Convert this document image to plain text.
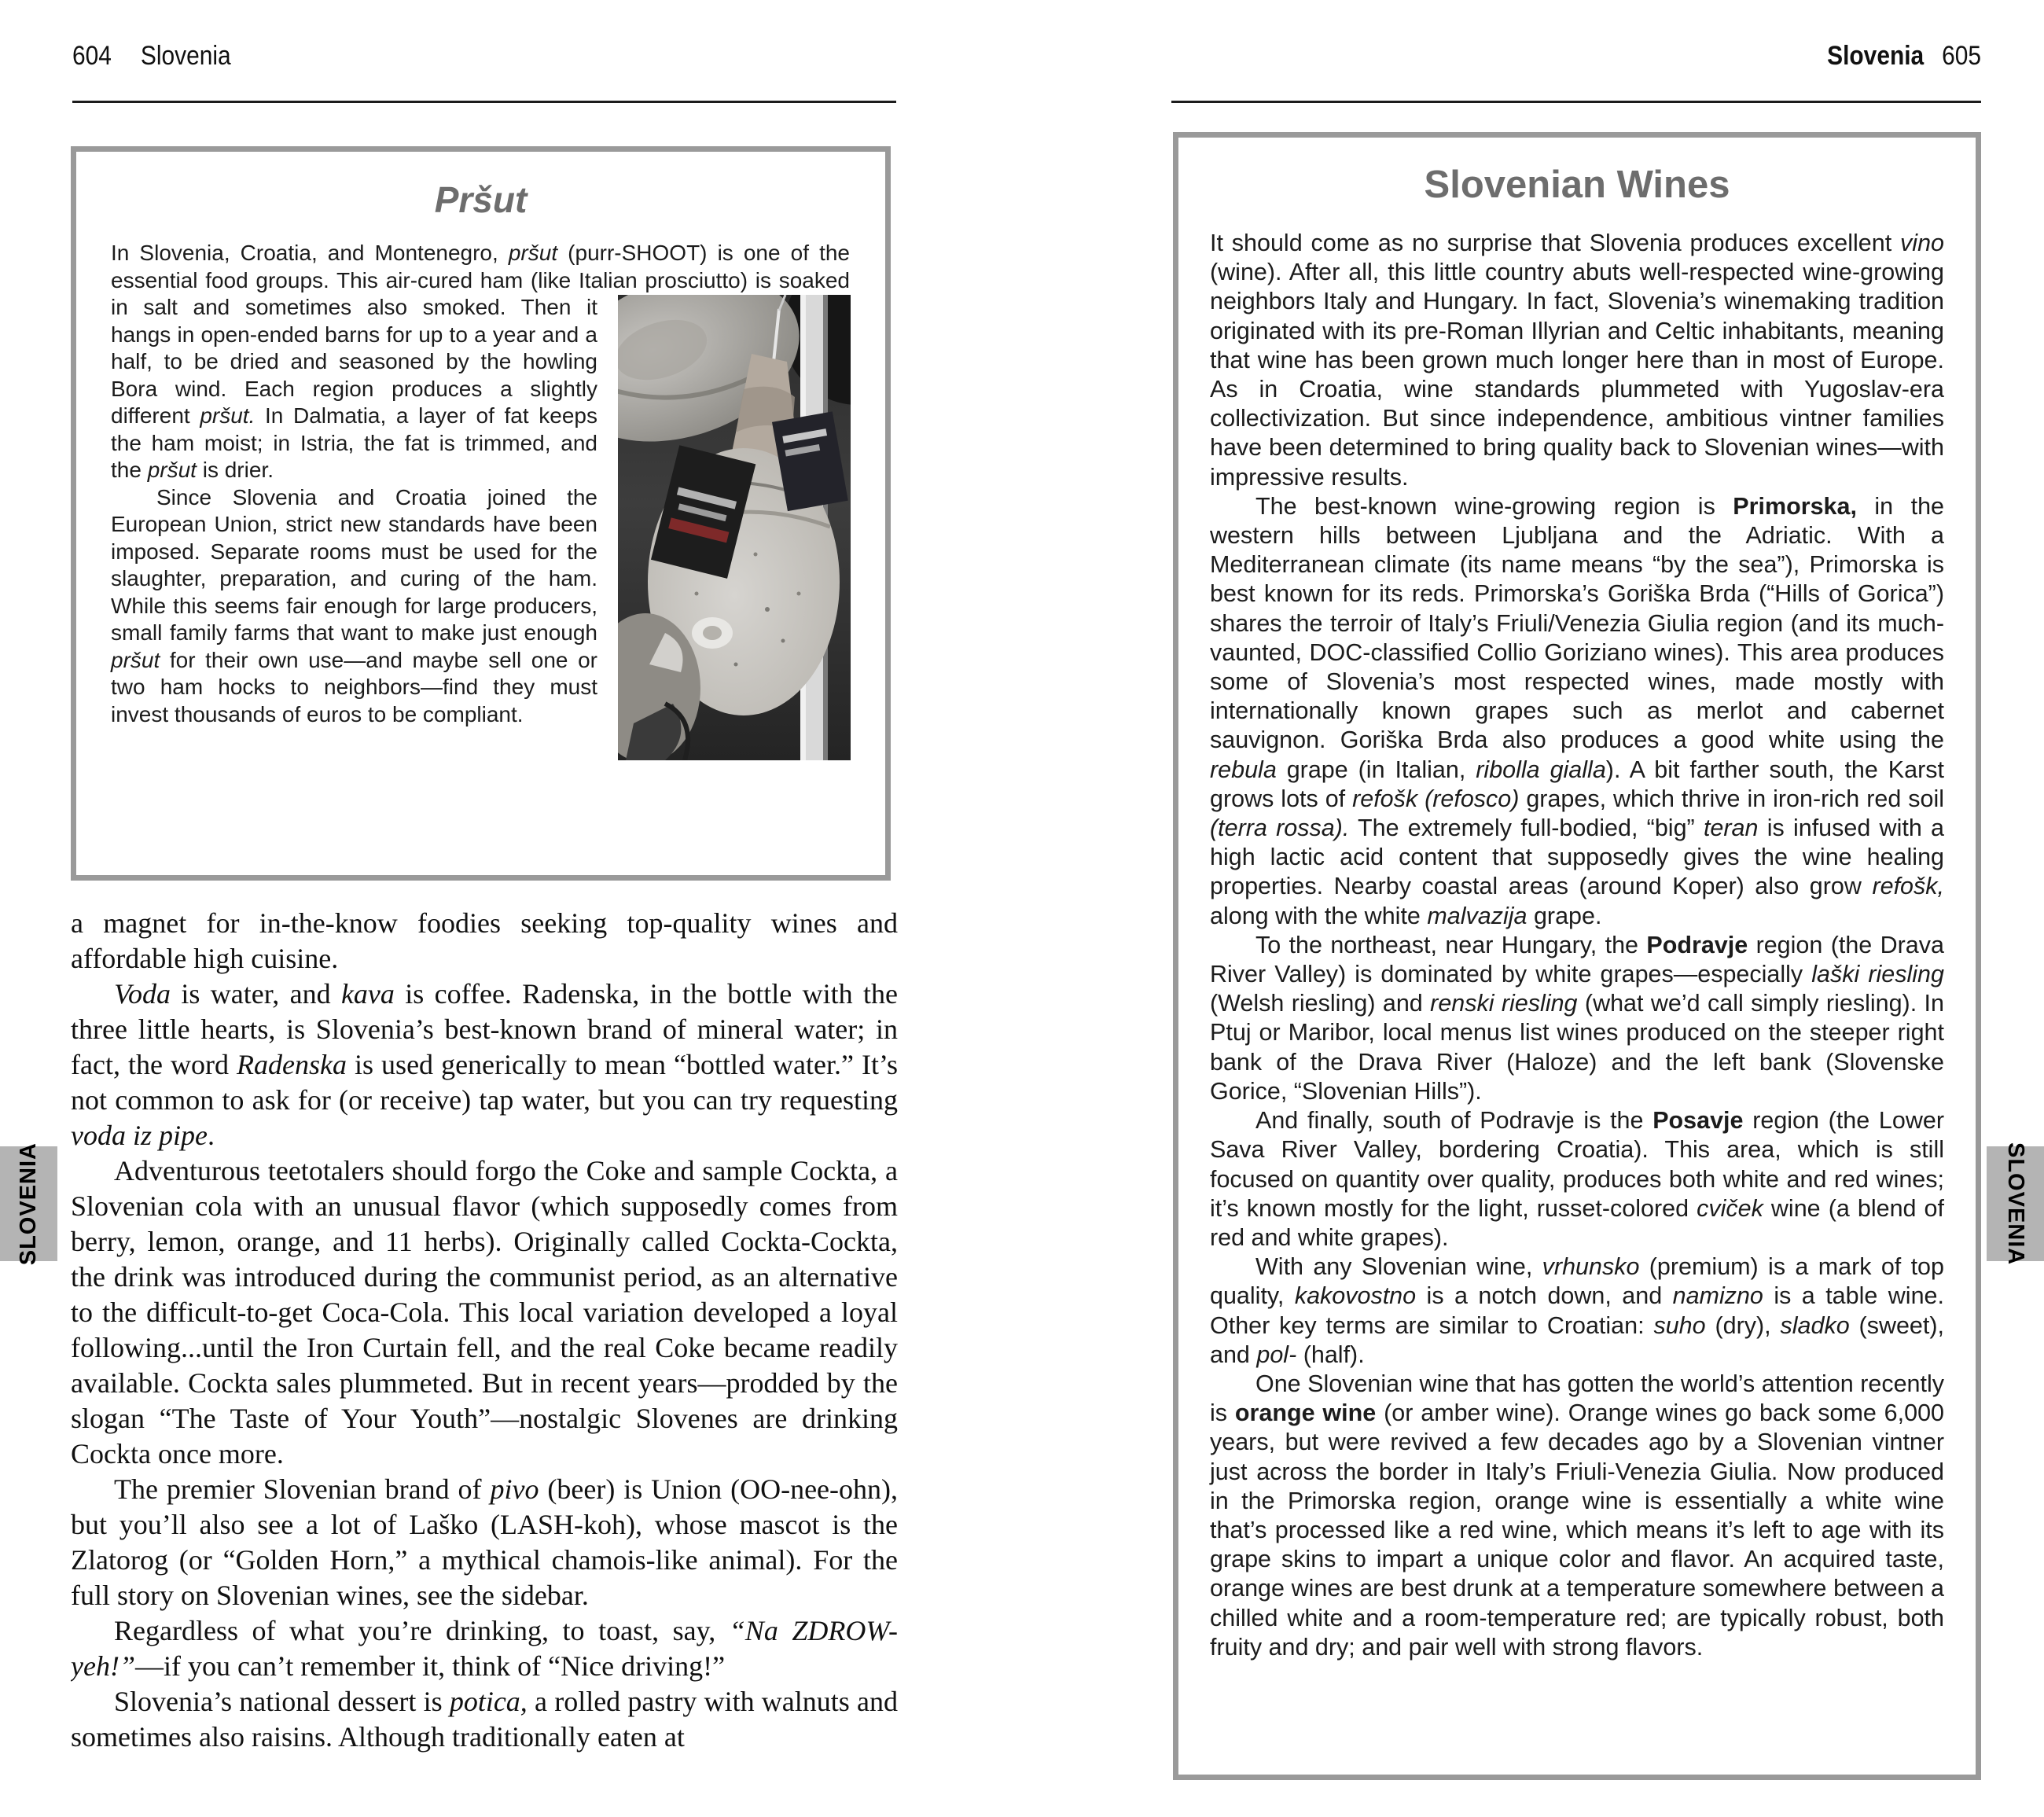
604 Slovenia	Slovenia 605
Pršut

In Slovenia, Croatia, and Montenegro, pršut (purr-SHOOT) is one of the essential food groups. This air-cured ham (like Italian prosciutto) is soaked in salt and sometimes also smoked. Then it hangs in open-ended barns for up to a year and a half, to be dried and seasoned by the howling Bora wind. Each region produces a slightly different pršut. In Dalmatia, a layer of fat keeps the ham moist; in Istria, the fat is trimmed, and the pršut is drier.

Since Slovenia and Croatia joined the European Union, strict new standards have been imposed. Separate rooms must be used for the slaughter, preparation, and curing of the ham. While this seems fair enough for large producers, small family farms that want to make just enough pršut for their own use—and maybe sell one or two ham hocks to neighbors—find they must invest thousands of euros to be compliant.

a magnet for in-the-know foodies seeking top-quality wines and affordable high cuisine.

Voda is water, and kava is coffee. Radenska, in the bottle with the three little hearts, is Slovenia’s best-known brand of mineral water; in fact, the word Radenska is used generically to mean “bottled water.” It’s not common to ask for (or receive) tap water, but you can try requesting voda iz pipe.

Adventurous teetotalers should forgo the Coke and sample Cockta, a Slovenian cola with an unusual flavor (which supposedly comes from berry, lemon, orange, and 11 herbs). Originally called Cockta-Cockta, the drink was introduced during the communist period, as an alternative to the difficult-to-get Coca-Cola. This local variation developed a loyal following...until the Iron Curtain fell, and the real Coke became readily available. Cockta sales plummeted. But in recent years—prodded by the slogan “The Taste of Your Youth”—nostalgic Slovenes are drinking Cockta once more.

The premier Slovenian brand of pivo (beer) is Union (OO-nee-ohn), but you’ll also see a lot of Laško (LASH-koh), whose mascot is the Zlatorog (or “Golden Horn,” a mythical chamois-like animal). For the full story on Slovenian wines, see the sidebar.

Regardless of what you’re drinking, to toast, say, “Na ZDROW-yeh!”—if you can’t remember it, think of “Nice driving!”

Slovenia’s national dessert is potica, a rolled pastry with walnuts and sometimes also raisins. Although traditionally eaten at

Slovenian Wines

It should come as no surprise that Slovenia produces excellent vino (wine). After all, this little country abuts well-respected wine-growing neighbors Italy and Hungary. In fact, Slovenia’s winemaking tradition originated with its pre-Roman Illyrian and Celtic inhabitants, meaning that wine has been grown much longer here than in most of Europe. As in Croatia, wine standards plummeted with Yugoslav-era collectivization. But since independence, ambitious vintner families have been determined to bring quality back to Slovenian wines—with impressive results.

The best-known wine-growing region is Primorska, in the western hills between Ljubljana and the Adriatic. With a Mediterranean climate (its name means “by the sea”), Primorska is best known for its reds. Primorska’s Goriška Brda (“Hills of Gorica”) shares the terroir of Italy’s Friuli/Venezia Giulia region (and its much-vaunted, DOC-classified Collio Goriziano wines). This area produces some of Slovenia’s most respected wines, made mostly with internationally known grapes such as merlot and cabernet sauvignon. Goriška Brda also produces a good white using the rebula grape (in Italian, ribolla gialla). A bit farther south, the Karst grows lots of refošk (refosco) grapes, which thrive in iron-rich red soil (terra rossa). The extremely full-bodied, “big” teran is infused with a high lactic acid content that supposedly gives the wine healing properties. Nearby coastal areas (around Koper) also grow refošk, along with the white malvazija grape.

To the northeast, near Hungary, the Podravje region (the Drava River Valley) is dominated by white grapes—especially laški riesling (Welsh riesling) and renski riesling (what we’d call simply riesling). In Ptuj or Maribor, local menus list wines produced on the steeper right bank of the Drava River (Haloze) and the left bank (Slovenske Gorice, “Slovenian Hills”).

And finally, south of Podravje is the Posavje region (the Lower Sava River Valley, bordering Croatia). This area, which is still focused on quantity over quality, produces both white and red wines; it’s known mostly for the light, russet-colored cviček wine (a blend of red and white grapes).

With any Slovenian wine, vrhunsko (premium) is a mark of top quality, kakovostno is a notch down, and namizno is a table wine. Other key terms are similar to Croatian: suho (dry), sladko (sweet), and pol- (half).

One Slovenian wine that has gotten the world’s attention recently is orange wine (or amber wine). Orange wines go back some 6,000 years, but were revived a few decades ago by a Slovenian vintner just across the border in Italy’s Friuli-Venezia Giulia. Now produced in the Primorska region, orange wine is essentially a white wine that’s processed like a red wine, which means it’s left to age with its grape skins to impart a unique color and flavor. An acquired taste, orange wines are best drunk at a temperature somewhere between a chilled white and a room-temperature red; are typically robust, both fruity and dry; and pair well with strong flavors.

SLOVENIA	SLOVENIA
